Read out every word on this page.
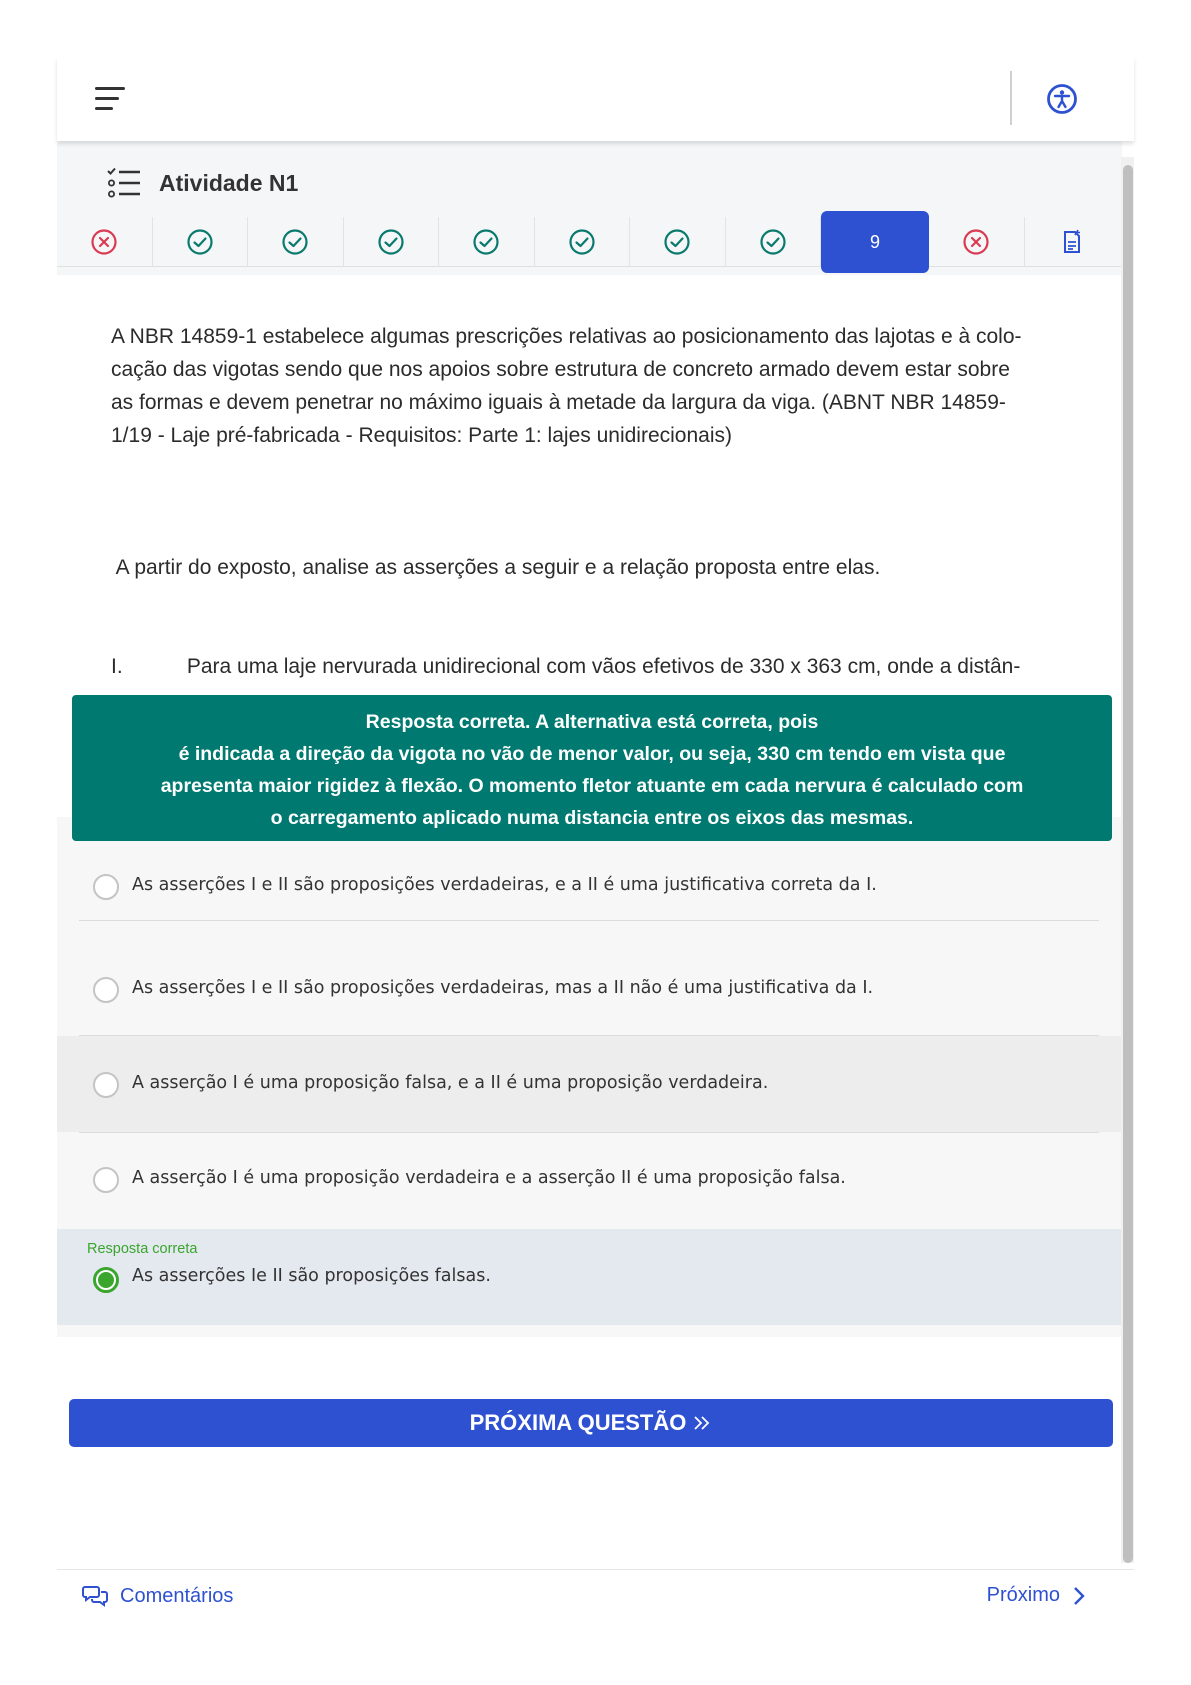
Atividade N1
9

A NBR 14859-1 estabelece algumas prescrições relativas ao posicionamento das lajotas e à colo-
cação das vigotas sendo que nos apoios sobre estrutura de concreto armado devem estar sobre
as formas e devem penetrar no máximo iguais à metade da largura da viga. (ABNT NBR 14859-
1/19 - Laje pré-fabricada - Requisitos: Parte 1: lajes unidirecionais)

A partir do exposto, analise as asserções a seguir e a relação proposta entre elas.

I.           Para uma laje nervurada unidirecional com vãos efetivos de 330 x 363 cm, onde a distân-

As asserções I e II são proposições verdadeiras, e a II é uma justificativa correta da I.
As asserções I e II são proposições verdadeiras, mas a II não é uma justificativa da I.
A asserção I é uma proposição falsa, e a II é uma proposição verdadeira.
A asserção I é uma proposição verdadeira e a asserção II é uma proposição falsa.
Resposta correta
As asserções Ie II são proposições falsas.
Resposta correta. A alternativa está correta, pois
é indicada a direção da vigota no vão de menor valor, ou seja, 330 cm tendo em vista que
apresenta maior rigidez à flexão. O momento fletor atuante em cada nervura é calculado com
o carregamento aplicado numa distancia entre os eixos das mesmas.
PRÓXIMA QUESTÃO
Comentários	Próximo
